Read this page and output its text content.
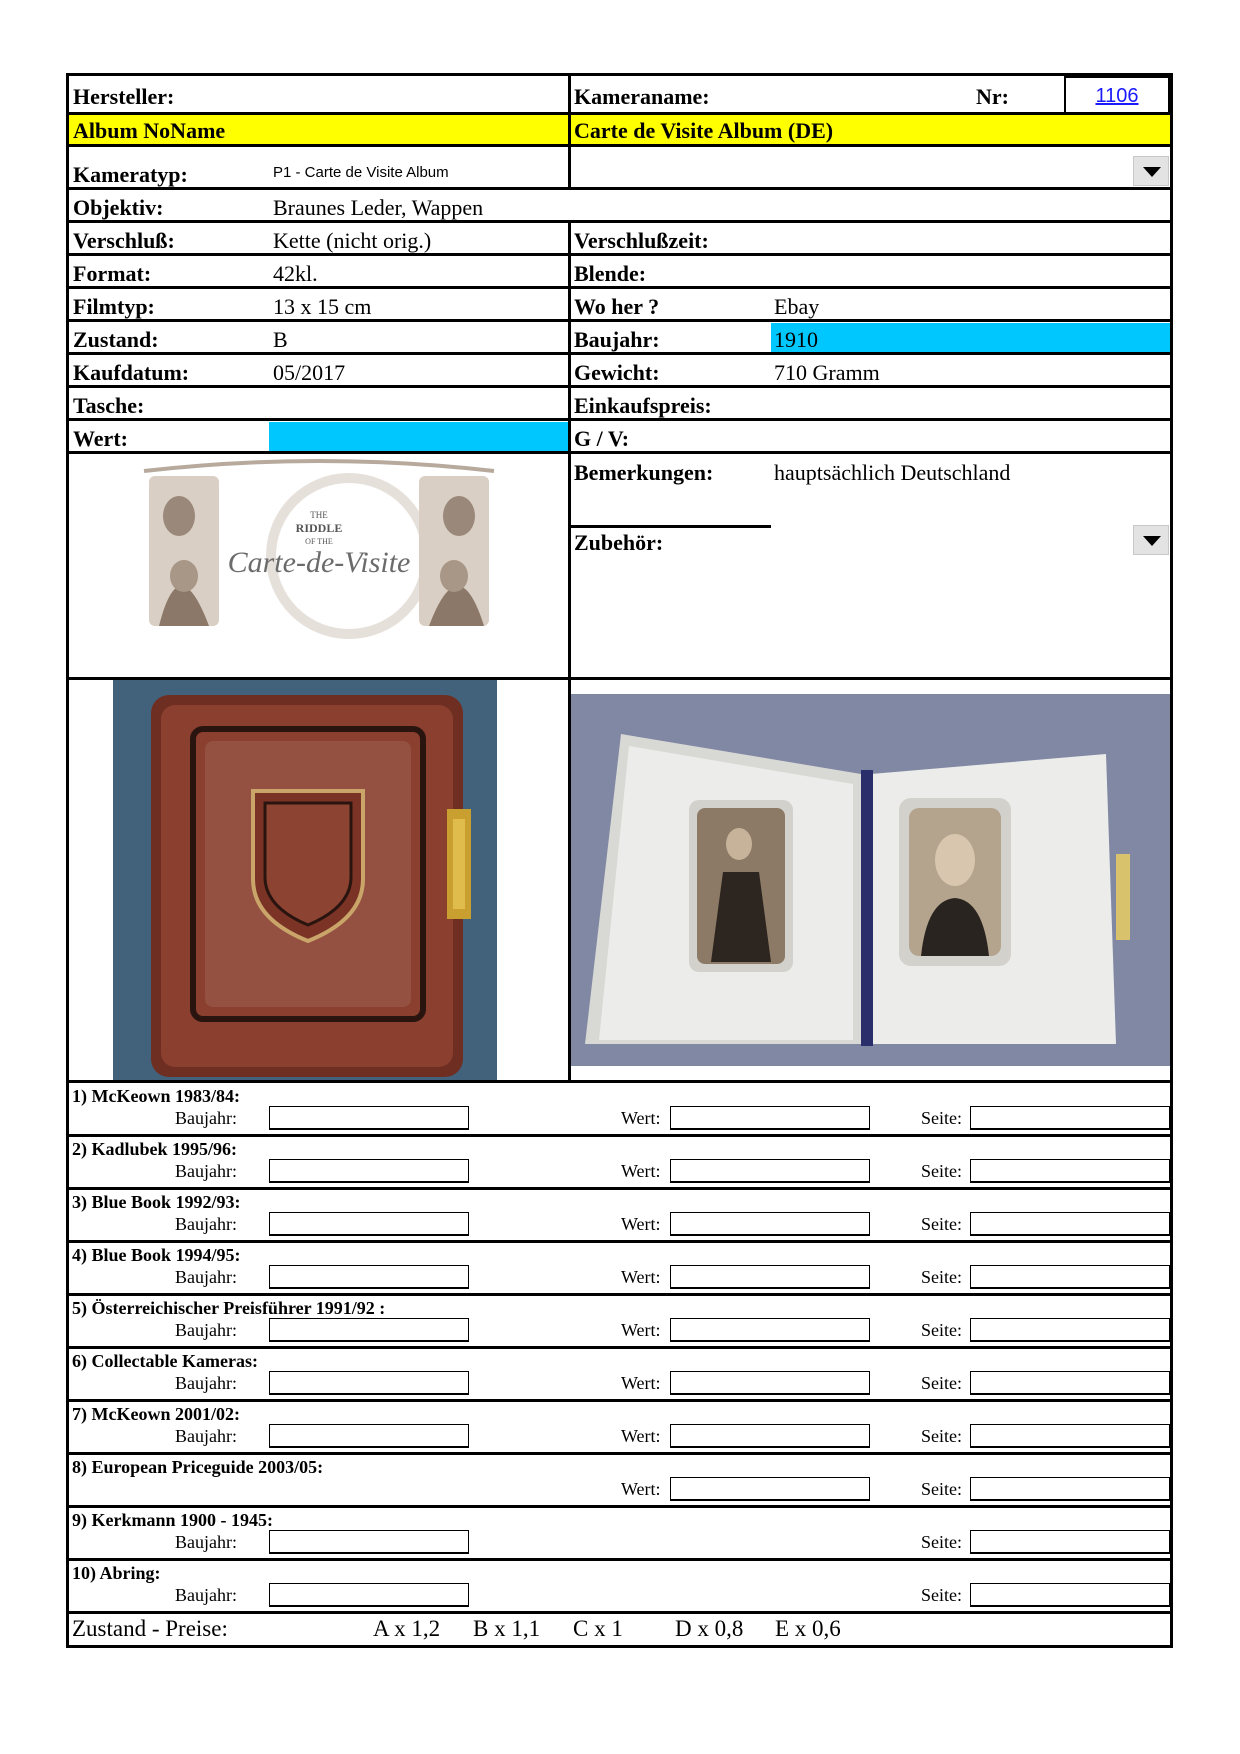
Hersteller:	Kameraname:	Nr:	1106
Album NoName	Carte de Visite Album (DE)
Kameratyp:	P1 - Carte de Visite Album
Objektiv:	Braunes Leder, Wappen
Verschluß:	Kette (nicht orig.)	Verschlußzeit:
Format:	42kl.	Blende:
Filmtyp:	13 x 15 cm	Wo her ?	Ebay
Zustand:	B	Baujahr:	1910
Kaufdatum:	05/2017	Gewicht:	710 Gramm
Tasche:	Einkaufspreis:
Wert:	G / V:
Bemerkungen:	hauptsächlich Deutschland
Zubehör:
THE
RIDDLE
OF THE
Carte-de-Visite
1) McKeown 1983/84:
Baujahr:	Wert:	Seite:
2) Kadlubek 1995/96:
Baujahr:	Wert:	Seite:
3) Blue Book 1992/93:
Baujahr:	Wert:	Seite:
4) Blue Book 1994/95:
Baujahr:	Wert:	Seite:
5) Österreichischer Preisführer 1991/92 :
Baujahr:	Wert:	Seite:
6) Collectable Kameras:
Baujahr:	Wert:	Seite:
7) McKeown 2001/02:
Baujahr:	Wert:	Seite:
8) European Priceguide 2003/05:
Wert:	Seite:
9) Kerkmann 1900 - 1945:
Baujahr:	Seite:
10) Abring:
Baujahr:	Seite:
Zustand - Preise:	A x 1,2 B x 1,1 C x 1 D x 0,8 E x 0,6
